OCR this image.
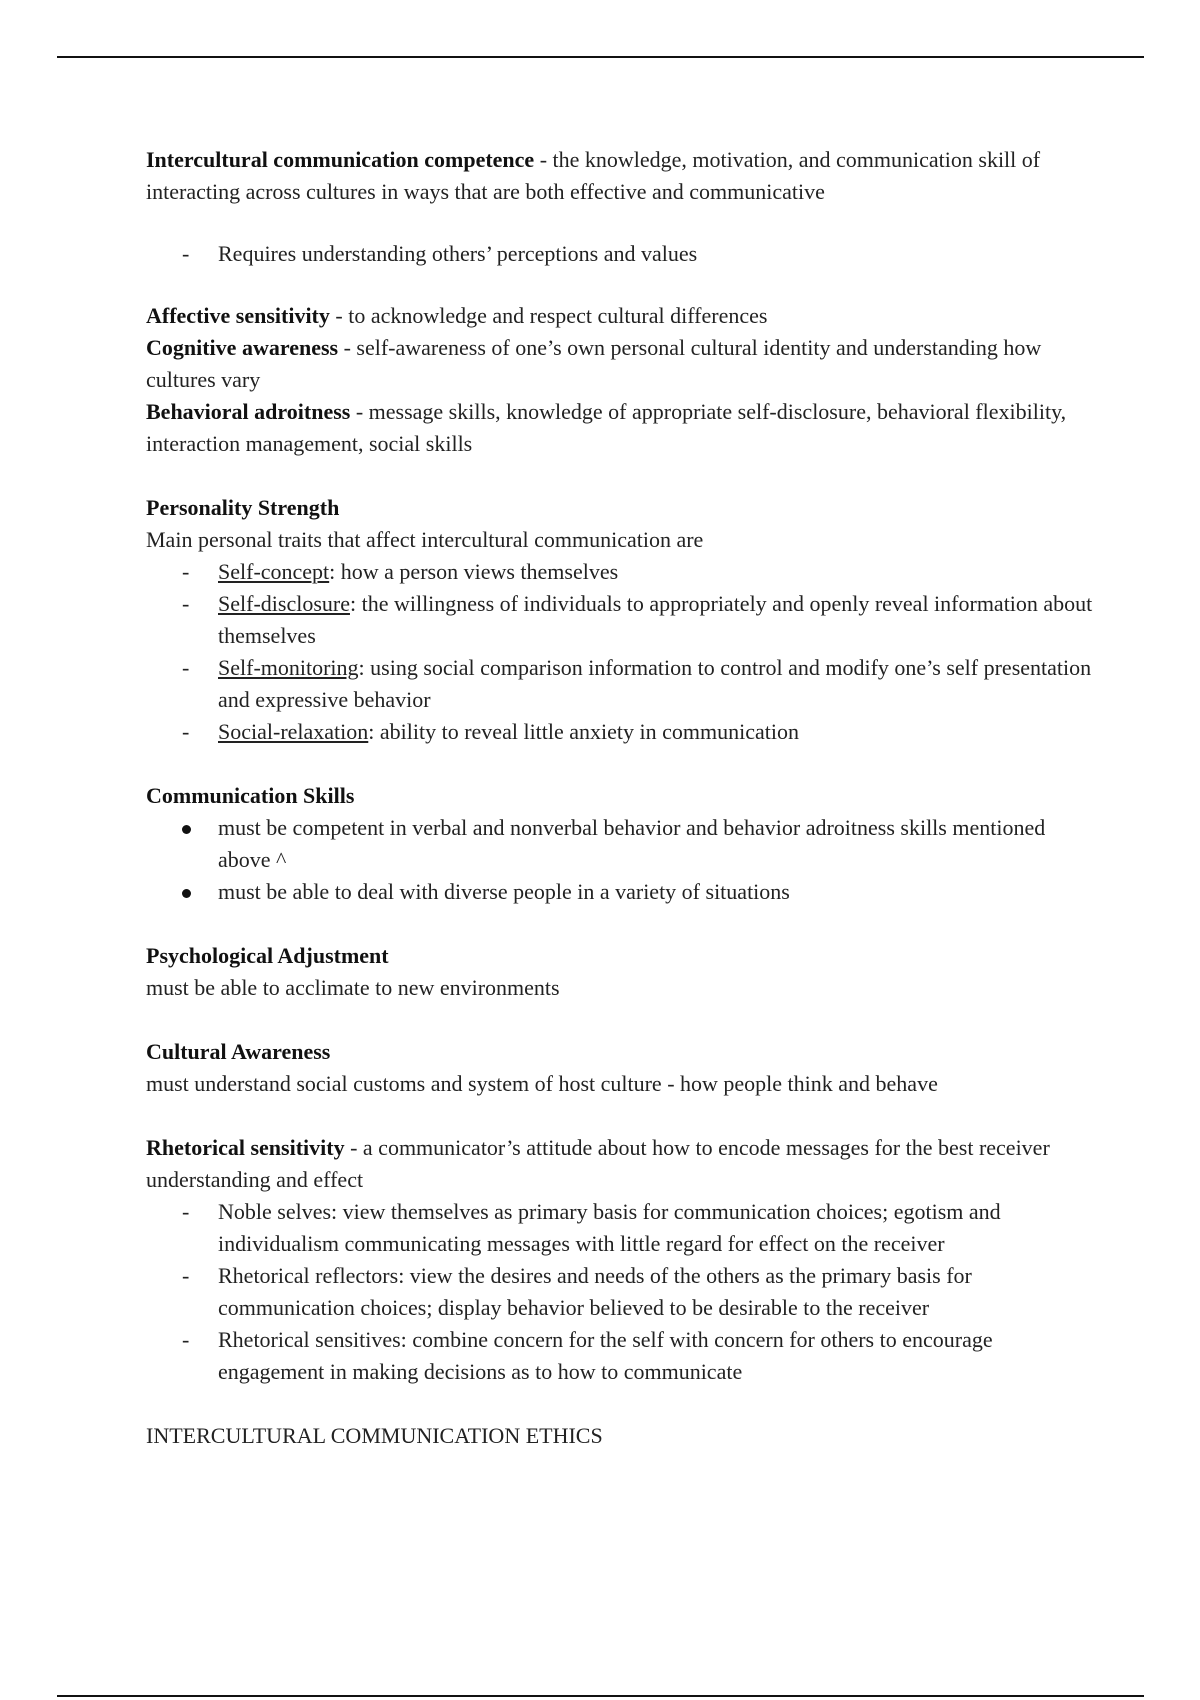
Intercultural communication competence - the knowledge, motivation, and communication skill of interacting across cultures in ways that are both effective and communicative

-	Requires understanding others’ perceptions and values

Affective sensitivity - to acknowledge and respect cultural differences

Cognitive awareness - self-awareness of one’s own personal cultural identity and understanding how cultures vary

Behavioral adroitness - message skills, knowledge of appropriate self-disclosure, behavioral flexibility, interaction management, social skills

Personality Strength

Main personal traits that affect intercultural communication are

-	Self-concept: how a person views themselves
-	Self-disclosure: the willingness of individuals to appropriately and openly reveal information about themselves
-	Self-monitoring: using social comparison information to control and modify one’s self presentation and expressive behavior
-	Social-relaxation: ability to reveal little anxiety in communication

Communication Skills

must be competent in verbal and nonverbal behavior and behavior adroitness skills mentioned above ^
must be able to deal with diverse people in a variety of situations

Psychological Adjustment

must be able to acclimate to new environments

Cultural Awareness

must understand social customs and system of host culture - how people think and behave

Rhetorical sensitivity - a communicator’s attitude about how to encode messages for the best receiver understanding and effect

-	Noble selves: view themselves as primary basis for communication choices; egotism and individualism communicating messages with little regard for effect on the receiver
-	Rhetorical reflectors: view the desires and needs of the others as the primary basis for communication choices; display behavior believed to be desirable to the receiver
-	Rhetorical sensitives: combine concern for the self with concern for others to encourage engagement in making decisions as to how to communicate

INTERCULTURAL COMMUNICATION ETHICS
